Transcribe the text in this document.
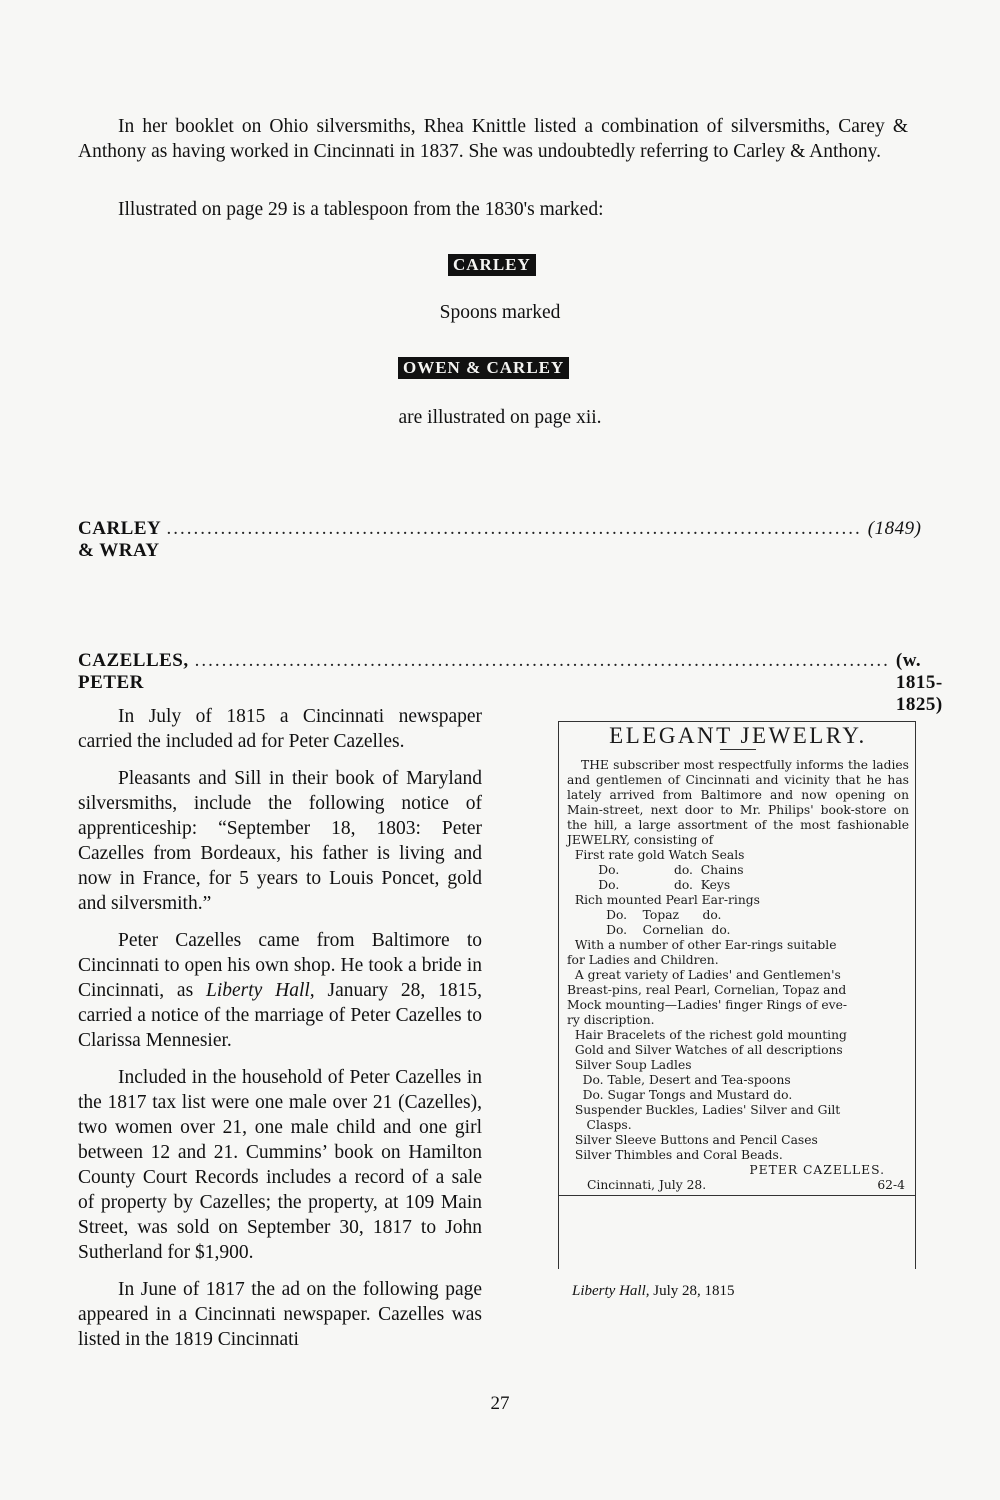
In her booklet on Ohio silversmiths, Rhea Knittle listed a combination of silversmiths, Carey & Anthony as having worked in Cincinnati in 1837. She was undoubtedly referring to Carley & Anthony.
Illustrated on page 29 is a tablespoon from the 1830's marked:
CARLEY
Spoons marked
OWEN & CARLEY
are illustrated on page xii.
CARLEY & WRAY
....................................................................................................... (1849)
CAZELLES, PETER
....................................................................................................... (w. 1815-1825)

In July of 1815 a Cincinnati newspaper carried the included ad for Peter Cazelles.

Pleasants and Sill in their book of Maryland silversmiths, include the following notice of apprenticeship: “September 18, 1803: Peter Cazelles from Bordeaux, his father is living and now in France, for 5 years to Louis Poncet, gold and silversmith.”

Peter Cazelles came from Baltimore to Cincinnati to open his own shop. He took a bride in Cincinnati, as Liberty Hall, January 28, 1815, carried a notice of the marriage of Peter Cazelles to Clarissa Mennesier.

Included in the household of Peter Cazelles in the 1817 tax list were one male over 21 (Cazelles), two women over 21, one male child and one girl between 12 and 21. Cummins’ book on Hamilton County Court Records includes a record of a sale of property by Cazelles; the property, at 109 Main Street, was sold on September 30, 1817 to John Sutherland for $1,900.

In June of 1817 the ad on the following page appeared in a Cincinnati newspaper. Cazelles was listed in the 1819 Cincinnati

ELEGANT JEWELRY.
THE subscriber most respectfully informs the ladies and gentlemen of Cincinnati and vicinity that he has lately arrived from Baltimore and now opening on Main-street, next door to Mr. Philips' book-store on the hill, a large assortment of the most fashionable JEWELRY, consisting of
First rate gold Watch Seals
Do.              do.  Chains
Do.              do.  Keys
Rich mounted Pearl Ear-rings
Do.    Topaz      do.
Do.    Cornelian  do.
With a number of other Ear-rings suitable
for Ladies and Children.
A great variety of Ladies' and Gentlemen's
Breast-pins, real Pearl, Cornelian, Topaz and
Mock mounting—Ladies' finger Rings of eve-
ry discription.
Hair Bracelets of the richest gold mounting
Gold and Silver Watches of all descriptions
Silver Soup Ladles
Do. Table, Desert and Tea-spoons
Do. Sugar Tongs and Mustard do.
Suspender Buckles, Ladies' Silver and Gilt
Clasps.
Silver Sleeve Buttons and Pencil Cases
Silver Thimbles and Coral Beads.
PETER CAZELLES.
Cincinnati, July 28.	62-4
Liberty Hall, July 28, 1815
27
